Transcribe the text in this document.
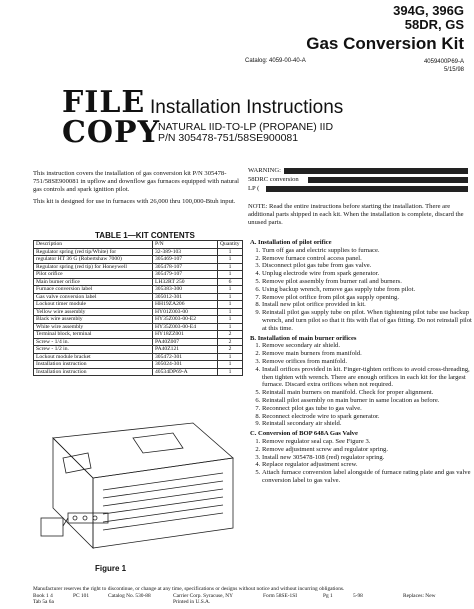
394G, 396G
58DR, GS
Gas Conversion Kit
Catalog: 4059-00-40-A	4059400P69-A
5/15/98
FILE
COPY
Installation Instructions
NATURAL IID-TO-LP (PROPANE) IID
P/N 305478-751/58SE900081

This instruction covers the installation of gas conversion kit P/N 305478-751/58SE900081 in upflow and downflow gas furnaces equipped with natural gas controls and spark ignition pilot.

This kit is designed for use in furnaces with 26,000 thru 100,000-Btuh input.

WARNING:
58DRC conversion
LP (
NOTE: Read the entire instructions before starting the installation. There are additional parts shipped in each kit. When the installation is complete, discard the unused parts.
TABLE 1—KIT CONTENTS
Description	P/N	Quantity
Regulator spring (red tip/White) for	32-389-103	1
regulator HT 36 G (Robertshaw 7000)	305469-107	1
Regulator spring (red tip) for Honeywell	305478-107	1
Pilot orifice	305479-107	1
Main burner orifice	LH32RT 250	6
Furnace conversion label	305383-300	1
Gas valve conversion label	305012-301	1
Lockout timer module	HH19ZA206	1
Yellow wire assembly	HY01Z003-00	1
Black wire assembly	HY35Z003-00-E2	1
White wire assembly	HY35Z003-00-E4	1
Terminal block, terminal	HY18ZZ001	2
Screw - 1/4 in.	PA40Z007	2
Screw - 1/2 in.	PA40Z121	2
Lockout module bracket	305472-301	1
Installation instruction	305024-301	1
Installation instruction	40534DP69-A	1
Figure 1
A. Installation of pilot orifice
1. Turn off gas and electric supplies to furnace.
2. Remove furnace control access panel.
3. Disconnect pilot gas tube from gas valve.
4. Unplug electrode wire from spark generator.
5. Remove pilot assembly from burner rail and burners.
6. Using backup wrench, remove gas supply tube from pilot.
7. Remove pilot orifice from pilot gas supply opening.
8. Install new pilot orifice provided in kit.
9. Reinstall pilot gas supply tube on pilot. When tightening pilot tube use backup wrench, and turn pilot so that it fits with flat of gas fitting. Do not reinstall pilot at this time.
B. Installation of main burner orifices
1. Remove secondary air shield.
2. Remove main burners from manifold.
3. Remove orifices from manifold.
4. Install orifices provided in kit. Finger-tighten orifices to avoid cross-threading, then tighten with wrench. There are enough orifices in each kit for the largest furnace. Discard extra orifices when not required.
5. Reinstall main burners on manifold. Check for proper alignment.
6. Reinstall pilot assembly on main burner in same location as before.
7. Reconnect pilot gas tube to gas valve.
8. Reconnect electrode wire to spark generator.
9. Reinstall secondary air shield.
C. Conversion of BOP 648A Gas Valve
1. Remove regulator seal cap. See Figure 3.
2. Remove adjustment screw and regulator spring.
3. Install new 305478-108 (red) regulator spring.
4. Replace regulator adjustment screw.
5. Attach furnace conversion label alongside of furnace rating plate and gas valve conversion label to gas valve.
Manufacturer reserves the right to discontinue, or change at any time, specifications or designs without notice and without incurring obligations.
Book 1 4
Tab 5a 6a
PC 101	Catalog No. 530-88	Carrier Corp. Syracuse, NY
Printed in U.S.A.
Form 58SE-1SI	Pg 1	5-98	Replaces: New
